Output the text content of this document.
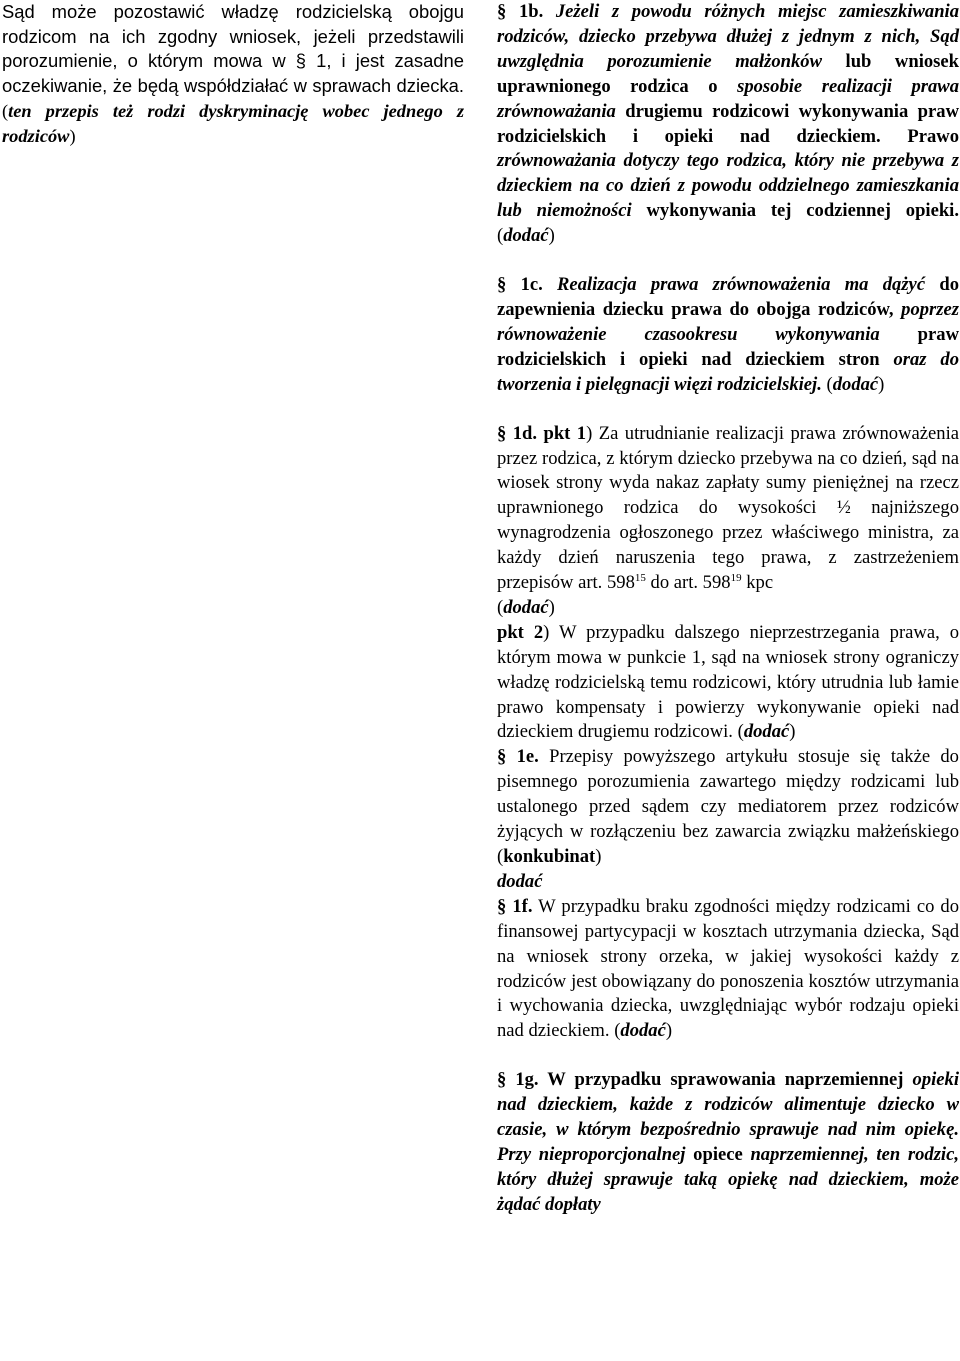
Sąd może pozostawić władzę rodzicielską obojgu rodzicom na ich zgodny wniosek, jeżeli przedstawili porozumienie, o którym mowa w § 1, i jest zasadne oczekiwanie, że będą współdziałać w sprawach dziecka. (ten przepis też rodzi dyskryminację wobec jednego z rodziców)

§ 1b. Jeżeli z powodu różnych miejsc zamieszkiwania rodziców, dziecko przebywa dłużej z jednym z nich, Sąd uwzględnia porozumienie małżonków lub wniosek uprawnionego rodzica o sposobie realizacji prawa zrównoważania drugiemu rodzicowi wykonywania praw rodzicielskich i opieki nad dzieckiem. Prawo zrównoważania dotyczy tego rodzica, który nie przebywa z dzieckiem na co dzień z powodu oddzielnego zamieszkania lub niemożności wykonywania tej codziennej opieki. (dodać)

§ 1c. Realizacja prawa zrównoważenia ma dążyć do zapewnienia dziecku prawa do obojga rodziców, poprzez równoważenie czasookresu wykonywania praw rodzicielskich i opieki nad dzieckiem stron oraz do tworzenia i pielęgnacji więzi rodzicielskiej. (dodać)

§ 1d. pkt 1) Za utrudnianie realizacji prawa zrównoważenia przez rodzica, z którym dziecko przebywa na co dzień, sąd na wiosek strony wyda nakaz zapłaty sumy pieniężnej na rzecz uprawnionego rodzica do wysokości ½ najniższego wynagrodzenia ogłoszonego przez właściwego ministra, za każdy dzień naruszenia tego prawa, z zastrzeżeniem przepisów art. $598^{15}$ do art. $598^{19}$ kpc
(dodać)

pkt 2) W przypadku dalszego nieprzestrzegania prawa, o którym mowa w punkcie 1, sąd na wniosek strony ograniczy władzę rodzicielską temu rodzicowi, który utrudnia lub łamie prawo kompensaty i powierzy wykonywanie opieki nad dzieckiem drugiemu rodzicowi. (dodać)

§ 1e. Przepisy powyższego artykułu stosuje się także do pisemnego porozumienia zawartego między rodzicami lub ustalonego przed sądem czy mediatorem przez rodziców żyjących w rozłączeniu bez zawarcia związku małżeńskiego (konkubinat)
dodać

§ 1f. W przypadku braku zgodności między rodzicami co do finansowej partycypacji w kosztach utrzymania dziecka, Sąd na wniosek strony orzeka, w jakiej wysokości każdy z rodziców jest obowiązany do ponoszenia kosztów utrzymania i wychowania dziecka, uwzględniając wybór rodzaju opieki nad dzieckiem. (dodać)

§ 1g. W przypadku sprawowania naprzemiennej opieki nad dzieckiem, każde z rodziców alimentuje dziecko w czasie, w którym bezpośrednio sprawuje nad nim opiekę. Przy nieproporcjonalnej opiece naprzemiennej, ten rodzic, który dłużej sprawuje taką opiekę nad dzieckiem, może żądać dopłaty
